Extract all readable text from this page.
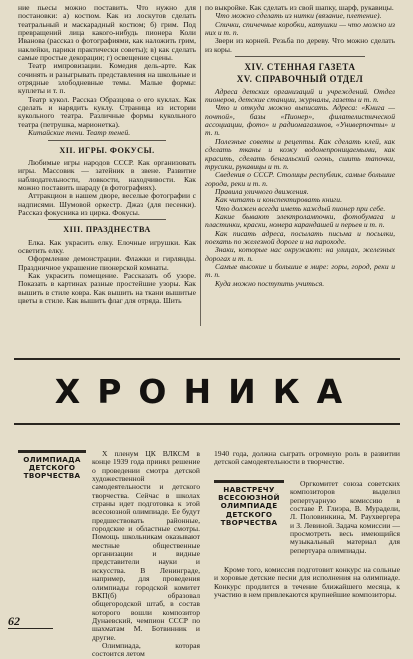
ние пьесы можно поставить. Что нужно для постановки: а) костюм. Как из лоскутов сделать театральный и маскарадный костюм; б) грим. Под превращений лица какого-нибудь пионера Коли Иванова (рассказ о фотографиями, как наложить грим, наклейки, парики практически советы); в) как сделать самые простые декорации; г) освещение сцены.

Театр импровизации. Комедия дель-арте. Как сочинять и разыгрывать представления на школьные и отрядные злободневные темы. Малые формы: куплеты и т. п.

Театр кукол. Рассказ Образцова о его куклах. Как сделать и нарядить куклу. Страница из истории кукольного театра. Различные формы кукольного театра (петрушка, марионетка).

Китайские тени. Театр теней.

XII. ИГРЫ. ФОКУСЫ.

Любимые игры народов СССР. Как организовать игры. Массовик — затейник в звене. Развитие наблюдательности, ловкости, находчивости. Как можно поставить шараду (в фотографиях).

Аттракцион в нашем дворе, веселые фотографии с надписями. Шумовой оркестр. Джаз (для песенки). Рассказ фокусника из цирка. Фокусы.

XIII. ПРАЗДНЕСТВА

Елка. Как украсить елку. Елочные игрушки. Как осветить елку.

Оформление демонстрации. Флажки и гирлянды. Праздничное украшение пионерской комнаты.

Как украсить помещение. Рассказать об узоре. Показать в картинах разные простейшие узоры. Как вышить в стиле ковра. Как вышить на ткани вышитые цветы в стиле. Как вышить флаг для отряда. Шить

по выкройке. Как сделать из свой шапку, шарф, рукавицы.

Что можно сделать из нитки (вязание, плетение).

Спички, спичечные коробки, катушки — что можно из них и т. п.

Звери из корней. Резьба по дереву. Что можно сделать из коры.

XIV. СТЕННАЯ ГАЗЕТА
XV. СПРАВОЧНЫЙ ОТДЕЛ

Адреса детских организаций и учреждений. Отдел пионеров, детские станции, журналы, газеты и т. п.

Что и откуда можно выписать. Адреса: «Книга — почтой», базы «Пионер», филателистической ассоциации, фото» и радиомагазинов, «Универпочты» и т. п.

Полезные советы и рецепты. Как сделать клей, как сделать тканы и кожу водонепроницаемыми, как красить, сделать бенгальский огонь, сшить тапочки, трусики, рукавицы и т. п.

Сведения о СССР. Столицы республик, самые большие города, реки и т. п.

Правила уличного движения.

Как читать и конспектировать книги.

Что должен всегда иметь каждый пионер при себе.

Какие бывают электролампочки, фотобумага и пластинки, краски, номера карандашей и перьев и т. п.

Как писать адреса, посылать письма и посылки, поехать по железной дороге и на пароходе.

Знаки, которые нас окружают: на улицах, железных дорогах и т. п.

Самые высокие и большие в мире: горы, город, реки и т. п.

Куда можно поступить учиться.

ХРОНИКА
ОЛИМПИАДА ДЕТСКОГО ТВОРЧЕСТВА

X пленум ЦК ВЛКСМ в конце 1939 года принял решение о проведении смотра детской художественной самодеятельности и детского творчества. Сейчас в школах страны идет подготовка к этой всесоюзной олимпиаде. Ее будут предшествовать районные, городские и областные смотры. Помощь школьникам оказывают местные общественные организации и видные представители науки и искусства. В Ленинграде, например, для проведения олимпиады городской комитет ВКП(б) образовал общегородской штаб, в состав которого вошли композитор Дунаевский, чемпион СССР по шахматам М. Ботвинник и другие.

Олимпиада, которая состоится летом

1940 года, должна сыграть огромную роль в развитии детской самодеятельности в творчестве.

НАВСТРЕЧУ ВСЕСОЮЗНОЙ ОЛИМПИАДЕ ДЕТСКОГО ТВОРЧЕСТВА

Оргкомитет союза советских композиторов выделил репертуарную комиссию в составе Р. Глиэра, В. Мурадели, Л. Половинкина, М. Раухвергера и З. Левиной. Задача комиссии — просмотреть весь имеющийся музыкальный материал для репертуара олимпиады.

Кроме того, комиссия подготовит конкурс на сольные и хоровые детские песни для исполнения на олимпиаде. Конкурс продлится в течение ближайшего месяца, к участию в нем привлекаются крупнейшие композиторы.

62
